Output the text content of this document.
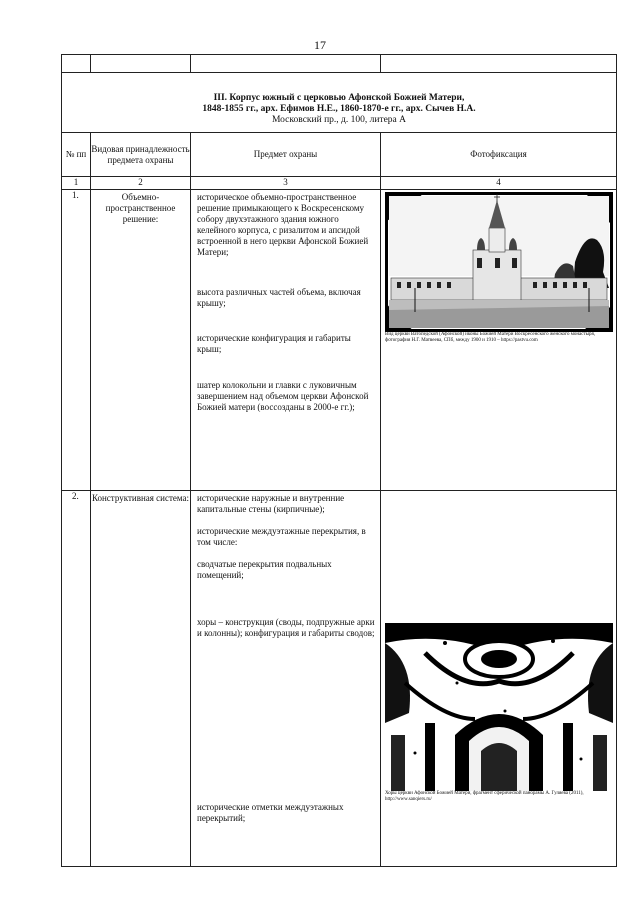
17

III. Корпус южный с церковью Афонской Божией Матери,
1848-1855 гг., арх. Ефимов Н.Е., 1860-1870-е гг., арх. Сычев Н.А.
Московский пр., д. 100, литера А			

№ пп	Видовая принадлежность предмета охраны	Предмет охраны	Фотофиксация
1	2	3	4
1.	Объемно-пространственное решение:	историческое объемно-пространственное решение примыкающего к Воскресенскому собору двухэтажного здания южного келейного корпуса, с ризалитом и апсидой встроенной в него церкви Афонской Божией Матери;

высота различных частей объема, включая крышу;

исторические конфигурация и габариты крыш;

шатер колокольни и главки с луковичным завершением над объемом церкви Афонской Божией матери (воссозданы в 2000-е гг.);	Вид церкви Ватопедской (Афонской) иконы Божией Матери Воскресенского женского монастыря, фотография Н.Г. Матвеева, СПб, между 1900 и 1910 – https://pastvu.com

2.	Конструктивная система:	исторические наружные и внутренние капитальные стены (кирпичные);

исторические междуэтажные перекрытия, в том числе:

сводчатые перекрытия подвальных помещений;

хоры – конструкция (своды, подпружные арки и колонны); конфигурация и габариты сводов;

исторические отметки междуэтажных перекрытий;	Хоры церкви Афонской Божией Матери, фрагмент сферической панорамы А. Гуляева (2011), http://www.sanqiers.ru/
